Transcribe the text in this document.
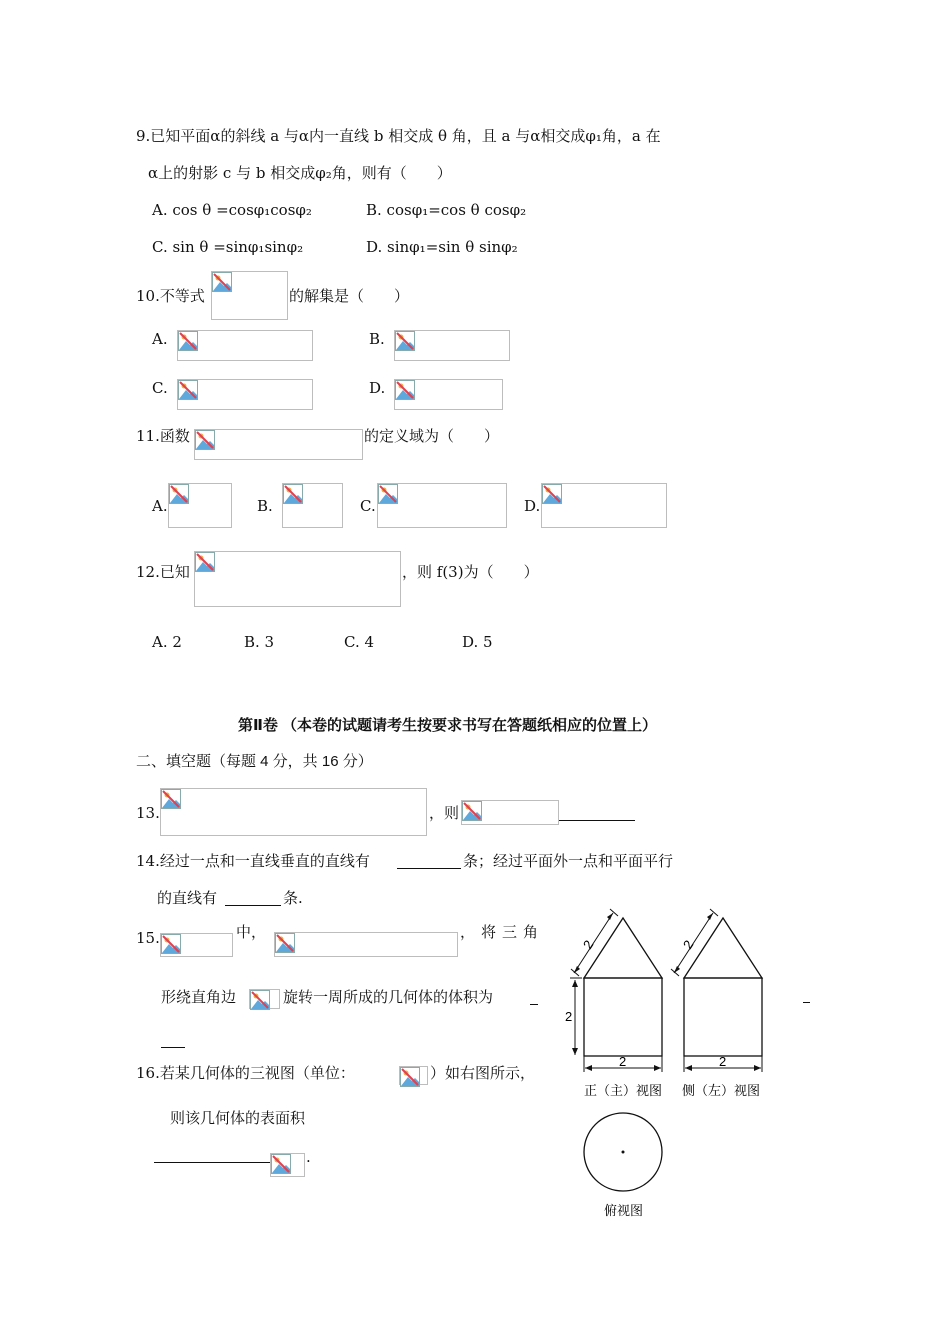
9.已知平面α的斜线 a 与α内一直线 b 相交成 θ 角，且 a 与α相交成φ₁角，a 在
α上的射影 c 与 b 相交成φ₂角，则有（　　）
A. cos θ =cosφ₁cosφ₂	B. cosφ₁=cos θ cosφ₂
C. sin θ =sinφ₁sinφ₂	D. sinφ₁=sin θ sinφ₂
10.不等式	的解集是（　　）
A.	B.
C.	D.
11.函数	的定义域为（　　）
A.	B.	C.	D.
12.已知	，则 f(3)为（　　）
A. 2	B. 3	C. 4	D. 5
第Ⅱ卷 （本卷的试题请考生按要求书写在答题纸相应的位置上）
二、填空题（每题 4 分，共 16 分）
13.	，则
14.经过一点和一直线垂直的直线有	条；经过平面外一点和平面平行
的直线有	条.
15.	中，	，将三角
形绕直角边	旋转一周所成的几何体的体积为
16.若某几何体的三视图（单位：	）如右图所示，
则该几何体的表面积
.
2
2
2
正（主）视图
2
2
侧（左）视图
俯视图
